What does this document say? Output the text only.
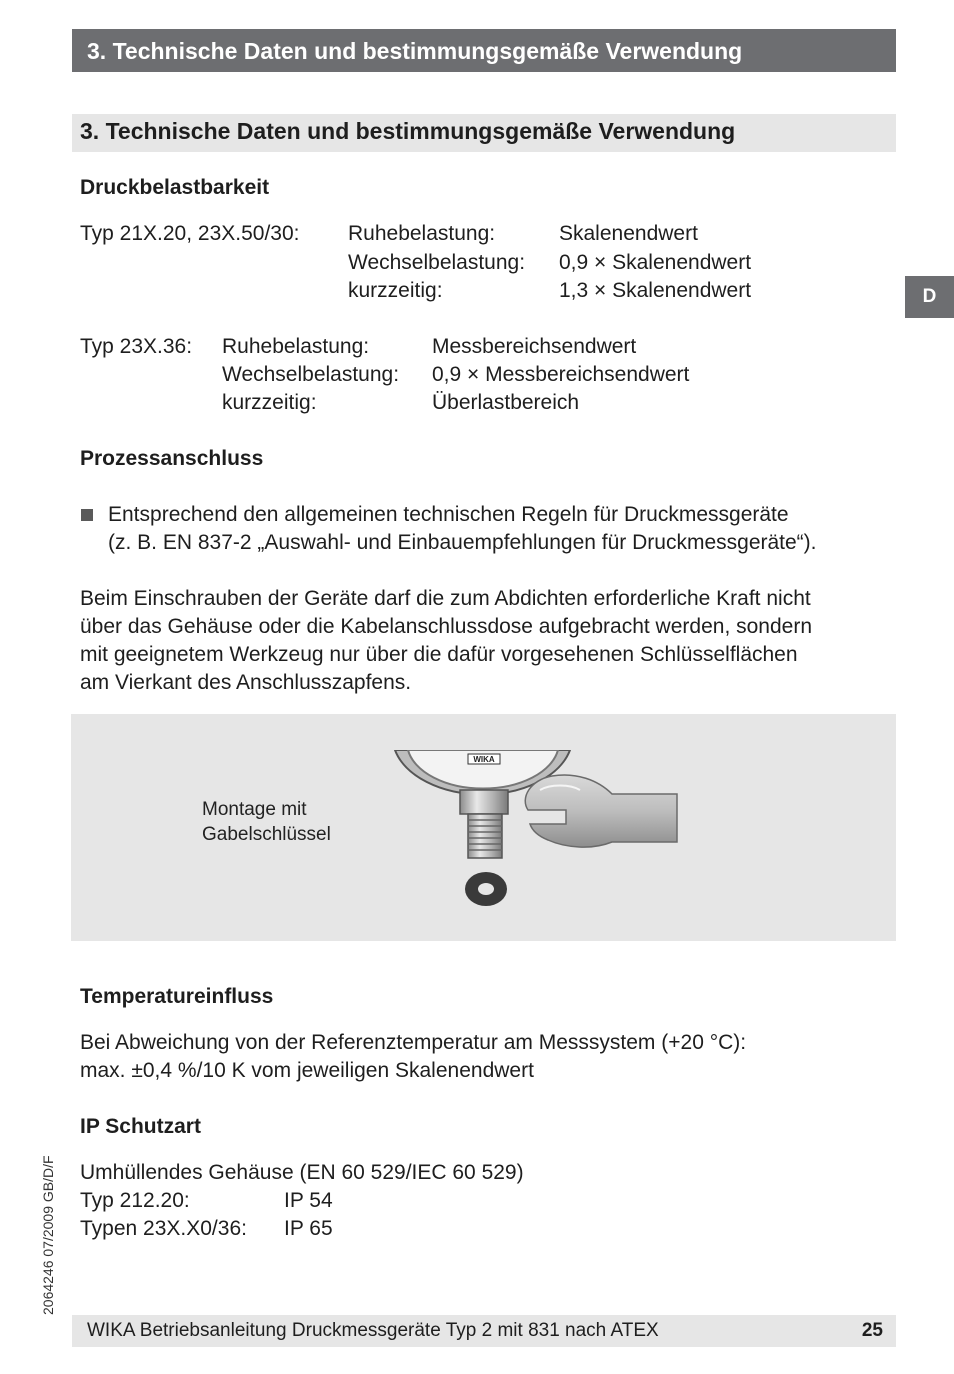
3. Technische Daten und bestimmungsgemäße Verwendung
3. Technische Daten und bestimmungsgemäße Verwendung
D
Druckbelastbarkeit
Typ 21X.20, 23X.50/30: Ruhebelastung:	Skalenendwert
Wechselbelastung: 0,9 × Skalenendwert
kurzzeitig:	1,3 × Skalenendwert
Typ 23X.36: Ruhebelastung:	Messbereichsendwert
Wechselbelastung: 0,9 × Messbereichsendwert
kurzzeitig:	Überlastbereich
Prozessanschluss
Entsprechend den allgemeinen technischen Regeln für Druckmessgeräte
(z. B. EN 837-2 „Auswahl- und Einbauempfehlungen für Druckmessgeräte“).
Beim Einschrauben der Geräte darf die zum Abdichten erforderliche Kraft nicht
über das Gehäuse oder die Kabelanschlussdose aufgebracht werden, sondern
mit geeignetem Werkzeug nur über die dafür vorgesehenen Schlüsselflächen
am Vierkant des Anschlusszapfens.
Montage mit
Gabelschlüssel
WIKA
Temperatureinfluss
Bei Abweichung von der Referenztemperatur am Messsystem (+20 °C):
max. ±0,4 %/10 K vom jeweiligen Skalenendwert
IP Schutzart
Umhüllendes Gehäuse (EN 60 529/IEC 60 529)
Typ 212.20:	IP 54
Typen 23X.X0/36: IP 65
2064246 07/2009 GB/D/F
WIKA Betriebsanleitung Druckmessgeräte Typ 2 mit 831 nach ATEX	25
